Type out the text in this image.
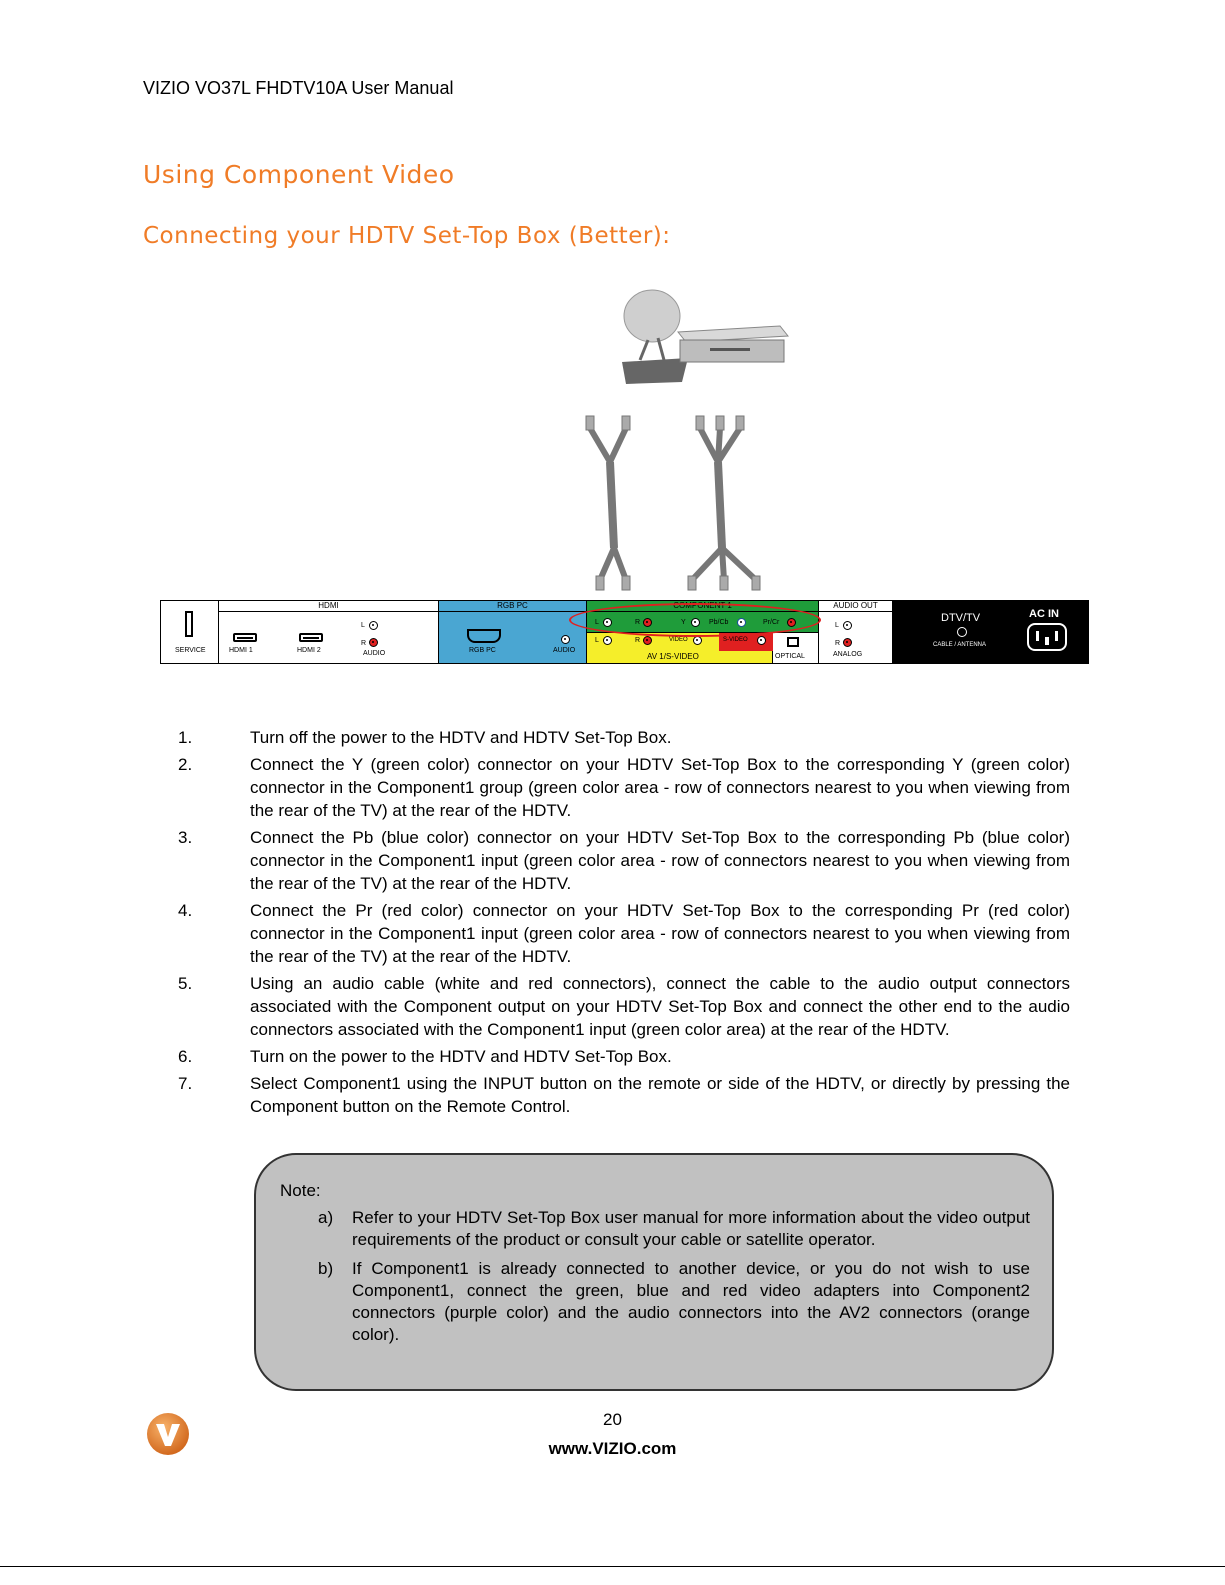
VIZIO VO37L FHDTV10A User Manual
Using Component Video
Connecting your HDTV Set-Top Box (Better):
SERVICE
HDMI
HDMI 1	HDMI 2
L
R
AUDIO
RGB PC
RGB PC	AUDIO
COMPONENT 1
L	R	Y	Pb/Cb	Pr/Cr
L	R	VIDEO
AV 1/S-VIDEO
S-VIDEO
OPTICAL
AUDIO OUT
L
R
ANALOG
DTV/TV
CABLE / ANTENNA
AC IN
1.	Turn off the power to the HDTV and HDTV Set-Top Box.
2.	Connect the Y (green color) connector on your HDTV Set-Top Box to the corresponding Y (green color) connector in the Component1 group (green color area - row of connectors nearest to you when viewing from the rear of the TV) at the rear of the HDTV.
3.	Connect the Pb (blue color) connector on your HDTV Set-Top Box to the corresponding Pb (blue color) connector in the Component1 input (green color area - row of connectors nearest to you when viewing from the rear of the TV) at the rear of the HDTV.
4.	Connect the Pr (red color) connector on your HDTV Set-Top Box to the corresponding Pr (red color) connector in the Component1 input (green color area - row of connectors nearest to you when viewing from the rear of the TV) at the rear of the HDTV.
5.	Using an audio cable (white and red connectors), connect the cable to the audio output connectors associated with the Component output on your HDTV Set-Top Box and connect the other end to the audio connectors associated with the Component1 input (green color area) at the rear of the HDTV.
6.	Turn on the power to the HDTV and HDTV Set-Top Box.
7.	Select Component1 using the INPUT button on the remote or side of the HDTV, or directly by pressing the Component button on the Remote Control.
Note:
a) Refer to your HDTV Set-Top Box user manual for more information about the video output requirements of the product or consult your cable or satellite operator.
b) If Component1 is already connected to another device, or you do not wish to use Component1, connect the green, blue and red video adapters into Component2 connectors (purple color) and the audio connectors into the AV2 connectors (orange color).
20
www.VIZIO.com
